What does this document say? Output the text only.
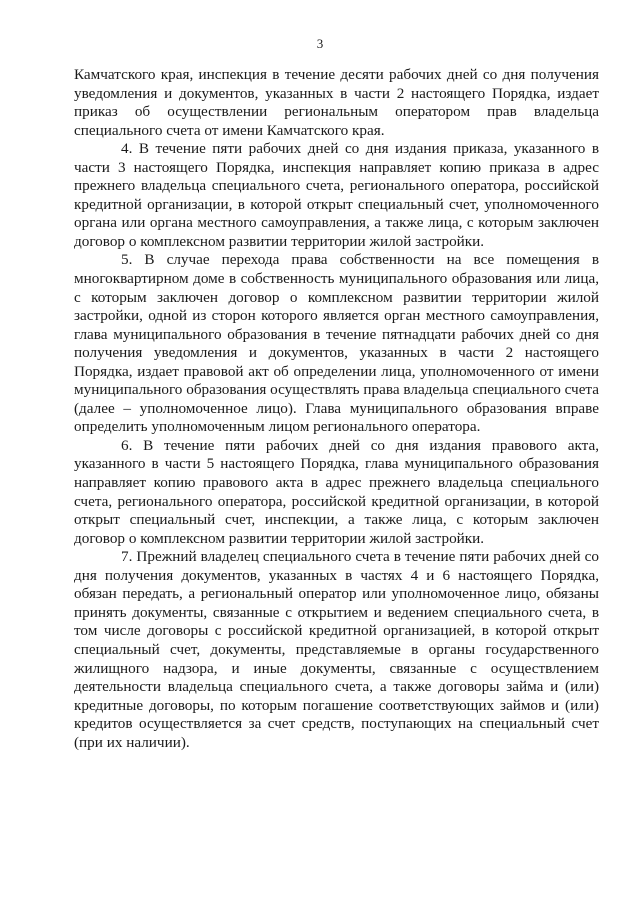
3

Камчатского края, инспекция в течение десяти рабочих дней со дня получения уведомления и документов, указанных в части 2 настоящего Порядка, издает приказ об осуществлении региональным оператором прав владельца специального счета от имени Камчатского края.

4. В течение пяти рабочих дней со дня издания приказа, указанного в части 3 настоящего Порядка, инспекция направляет копию приказа в адрес прежнего владельца специального счета, регионального оператора, российской кредитной организации, в которой открыт специальный счет, уполномоченного органа или органа местного самоуправления, а также лица, с которым заключен договор о комплексном развитии территории жилой застройки.

5. В случае перехода права собственности на все помещения в многоквартирном доме в собственность муниципального образования или лица, с которым заключен договор о комплексном развитии территории жилой застройки, одной из сторон которого является орган местного самоуправления, глава муниципального образования в течение пятнадцати рабочих дней со дня получения уведомления и документов, указанных в части 2 настоящего Порядка, издает правовой акт об определении лица, уполномоченного от имени муниципального образования осуществлять права владельца специального счета (далее – уполномоченное лицо). Глава муниципального образования вправе определить уполномоченным лицом регионального оператора.

6. В течение пяти рабочих дней со дня издания правового акта, указанного в части 5 настоящего Порядка, глава муниципального образования направляет копию правового акта в адрес прежнего владельца специального счета, регионального оператора, российской кредитной организации, в которой открыт специальный счет, инспекции, а также лица, с которым заключен договор о комплексном развитии территории жилой застройки.

7. Прежний владелец специального счета в течение пяти рабочих дней со дня получения документов, указанных в частях 4 и 6 настоящего Порядка, обязан передать, а региональный оператор или уполномоченное лицо, обязаны принять документы, связанные с открытием и ведением специального счета, в том числе договоры с российской кредитной организацией, в которой открыт специальный счет, документы, представляемые в органы государственного жилищного надзора, и иные документы, связанные с осуществлением деятельности владельца специального счета, а также договоры займа и (или) кредитные договоры, по которым погашение соответствующих займов и (или) кредитов осуществляется за счет средств, поступающих на специальный счет (при их наличии).
